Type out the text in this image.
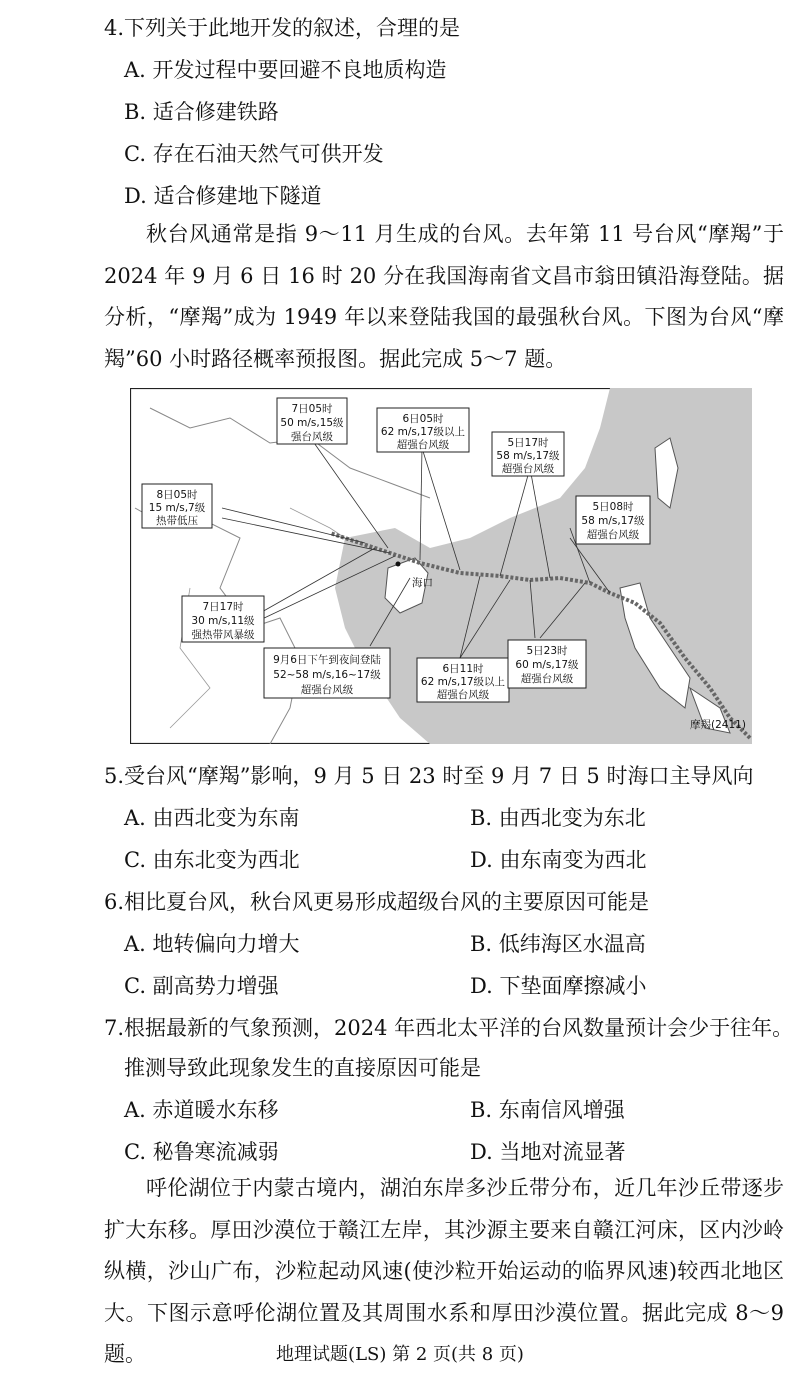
4.下列关于此地开发的叙述，合理的是
A. 开发过程中要回避不良地质构造
B. 适合修建铁路
C. 存在石油天然气可供开发
D. 适合修建地下隧道
秋台风通常是指 9～11 月生成的台风。去年第 11 号台风“摩羯”于 2024 年 9 月 6 日 16 时 20 分在我国海南省文昌市翁田镇沿海登陆。据分析，“摩羯”成为 1949 年以来登陆我国的最强秋台风。下图为台风“摩羯”60 小时路径概率预报图。据此完成 5～7 题。
海口
摩羯(2411)
7日05时
50 m/s,15级
强台风级
6日05时
62 m/s,17级以上
超强台风级	5日17时
58 m/s,17级
超强台风级
8日05时
15 m/s,7级
热带低压
5日08时
58 m/s,17级
超强台风级
7日17时
30 m/s,11级
强热带风暴级
9月6日下午到夜间登陆
52~58 m/s,16~17级
超强台风级
6日11时
62 m/s,17级以上
超强台风级
5日23时
60 m/s,17级
超强台风级
5.受台风“摩羯”影响，9 月 5 日 23 时至 9 月 7 日 5 时海口主导风向
A. 由西北变为东南	B. 由西北变为东北
C. 由东北变为西北	D. 由东南变为西北
6.相比夏台风，秋台风更易形成超级台风的主要原因可能是
A. 地转偏向力增大	B. 低纬海区水温高
C. 副高势力增强	D. 下垫面摩擦减小
7.根据最新的气象预测，2024 年西北太平洋的台风数量预计会少于往年。
推测导致此现象发生的直接原因可能是
A. 赤道暖水东移	B. 东南信风增强
C. 秘鲁寒流减弱	D. 当地对流显著
呼伦湖位于内蒙古境内，湖泊东岸多沙丘带分布，近几年沙丘带逐步扩大东移。厚田沙漠位于赣江左岸，其沙源主要来自赣江河床，区内沙岭纵横，沙山广布，沙粒起动风速(使沙粒开始运动的临界风速)较西北地区大。下图示意呼伦湖位置及其周围水系和厚田沙漠位置。据此完成 8～9 题。	地理试题(LS) 第 2 页(共 8 页)
